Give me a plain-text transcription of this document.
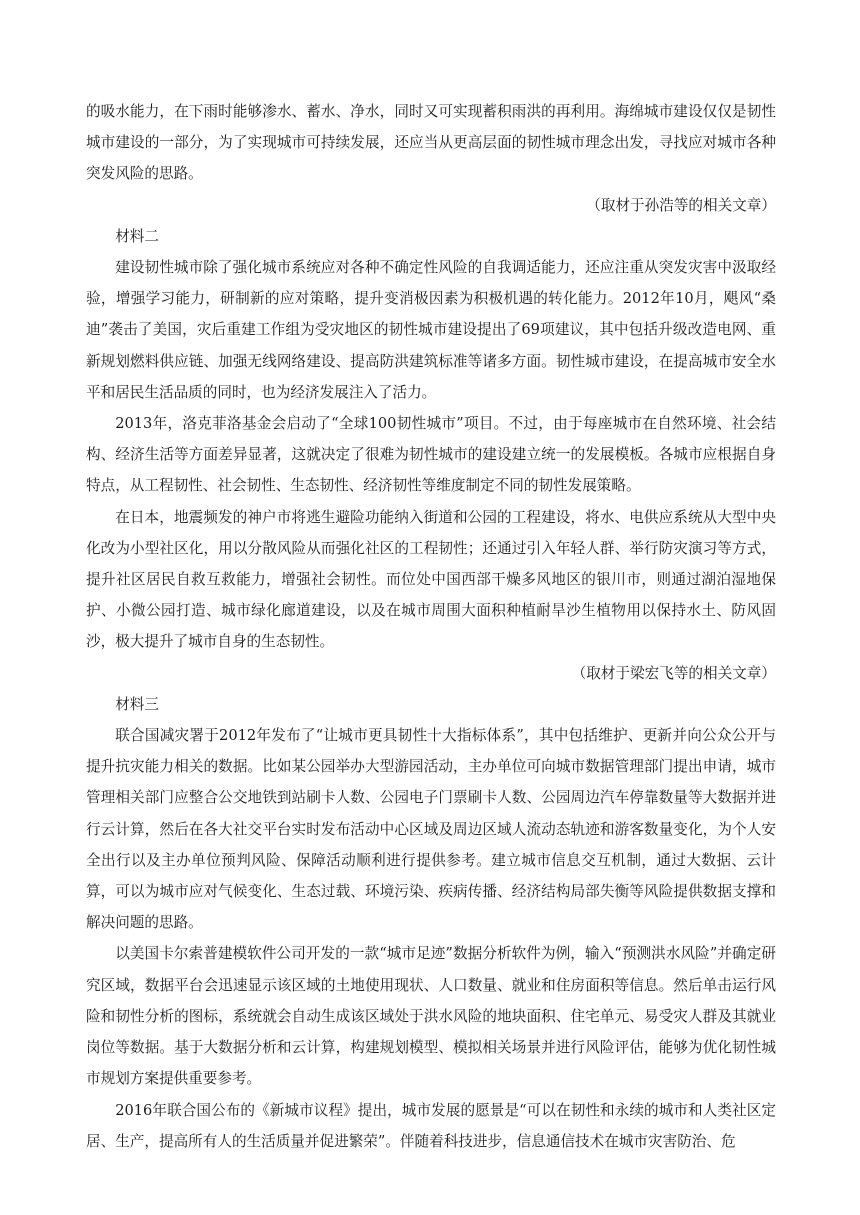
的吸水能力，在下雨时能够渗水、蓄水、净水，同时又可实现蓄积雨洪的再利用。海绵城市建设仅仅是韧性城市建设的一部分，为了实现城市可持续发展，还应当从更高层面的韧性城市理念出发，寻找应对城市各种突发风险的思路。

（取材于孙浩等的相关文章）

材料二

建设韧性城市除了强化城市系统应对各种不确定性风险的自我调适能力，还应注重从突发灾害中汲取经验，增强学习能力，研制新的应对策略，提升变消极因素为积极机遇的转化能力。2012年10月，飓风“桑迪”袭击了美国，灾后重建工作组为受灾地区的韧性城市建设提出了69项建议，其中包括升级改造电网、重新规划燃料供应链、加强无线网络建设、提高防洪建筑标准等诸多方面。韧性城市建设，在提高城市安全水平和居民生活品质的同时，也为经济发展注入了活力。

2013年，洛克菲洛基金会启动了“全球100韧性城市”项目。不过，由于每座城市在自然环境、社会结构、经济生活等方面差异显著，这就决定了很难为韧性城市的建设建立统一的发展模板。各城市应根据自身特点，从工程韧性、社会韧性、生态韧性、经济韧性等维度制定不同的韧性发展策略。

在日本，地震频发的神户市将逃生避险功能纳入街道和公园的工程建设，将水、电供应系统从大型中央化改为小型社区化，用以分散风险从而强化社区的工程韧性；还通过引入年轻人群、举行防灾演习等方式，提升社区居民自救互救能力，增强社会韧性。而位处中国西部干燥多风地区的银川市，则通过湖泊湿地保护、小微公园打造、城市绿化廊道建设，以及在城市周围大面积种植耐旱沙生植物用以保持水土、防风固沙，极大提升了城市自身的生态韧性。

（取材于梁宏飞等的相关文章）

材料三

联合国减灾署于2012年发布了“让城市更具韧性十大指标体系”，其中包括维护、更新并向公众公开与提升抗灾能力相关的数据。比如某公园举办大型游园活动，主办单位可向城市数据管理部门提出申请，城市管理相关部门应整合公交地铁到站刷卡人数、公园电子门票刷卡人数、公园周边汽车停靠数量等大数据并进行云计算，然后在各大社交平台实时发布活动中心区域及周边区域人流动态轨迹和游客数量变化，为个人安全出行以及主办单位预判风险、保障活动顺利进行提供参考。建立城市信息交互机制，通过大数据、云计算，可以为城市应对气候变化、生态过载、环境污染、疾病传播、经济结构局部失衡等风险提供数据支撑和解决问题的思路。

以美国卡尔索普建模软件公司开发的一款“城市足迹”数据分析软件为例，输入“预测洪水风险”并确定研究区域，数据平台会迅速显示该区域的土地使用现状、人口数量、就业和住房面积等信息。然后单击运行风险和韧性分析的图标，系统就会自动生成该区域处于洪水风险的地块面积、住宅单元、易受灾人群及其就业岗位等数据。基于大数据分析和云计算，构建规划模型、模拟相关场景并进行风险评估，能够为优化韧性城市规划方案提供重要参考。

2016年联合国公布的《新城市议程》提出，城市发展的愿景是“可以在韧性和永续的城市和人类社区定居、生产，提高所有人的生活质量并促进繁荣”。伴随着科技进步，信息通信技术在城市灾害防治、危
